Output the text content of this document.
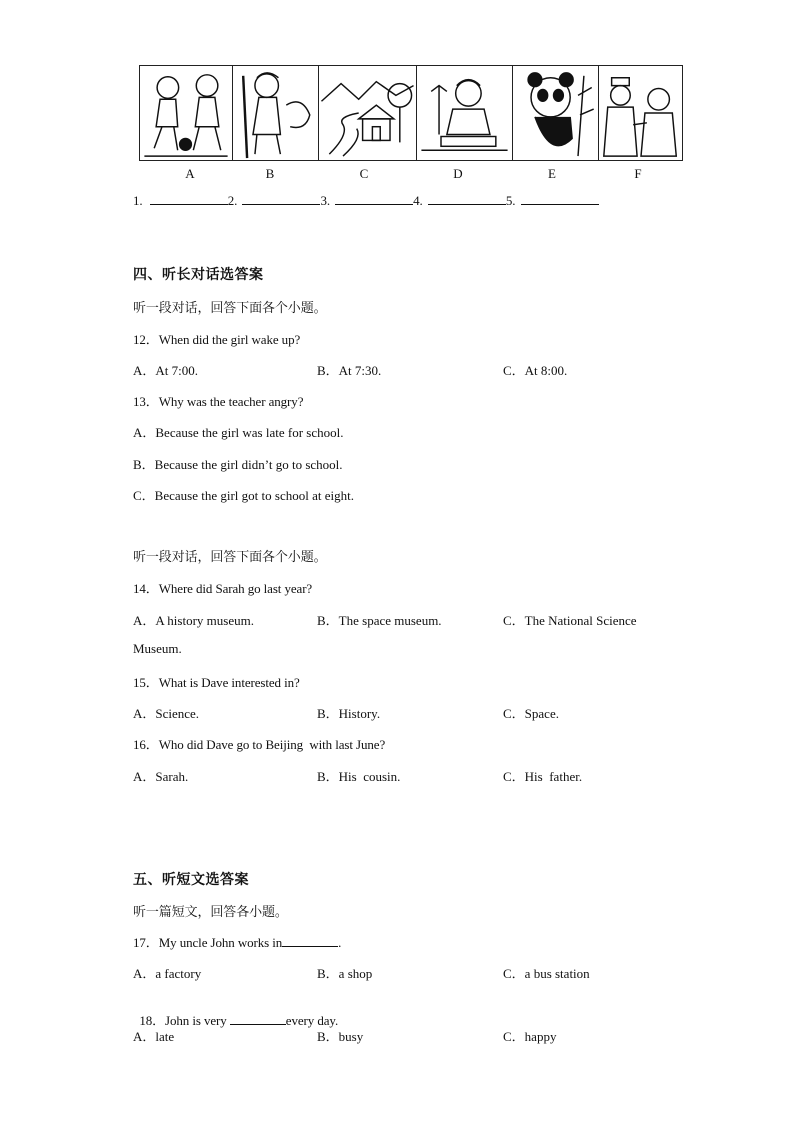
A	B	C	D	E	F
1.	2.	3.	4.	5.
四、听长对话选答案
听一段对话，回答下面各个小题。
12．When did the girl wake up?
A．At 7:00.	B．At 7:30.	C．At 8:00.
13．Why was the teacher angry?
A．Because the girl was late for school.
B．Because the girl didn’t go to school.
C．Because the girl got to school at eight.
听一段对话，回答下面各个小题。
14．Where did Sarah go last year?
A．A history museum.	B．The space museum.	C．The National Science
Museum.
15．What is Dave interested in?
A．Science.	B．History.	C．Space.
16．Who did Dave go to Beijing  with last June?
A．Sarah.	B．His  cousin.	C．His  father.
五、听短文选答案
听一篇短文，回答各小题。
17．My uncle John works in	.
A．a factory	B．a shop	C．a bus station

18．John is very	every day.

A．late	B．busy	C．happy
